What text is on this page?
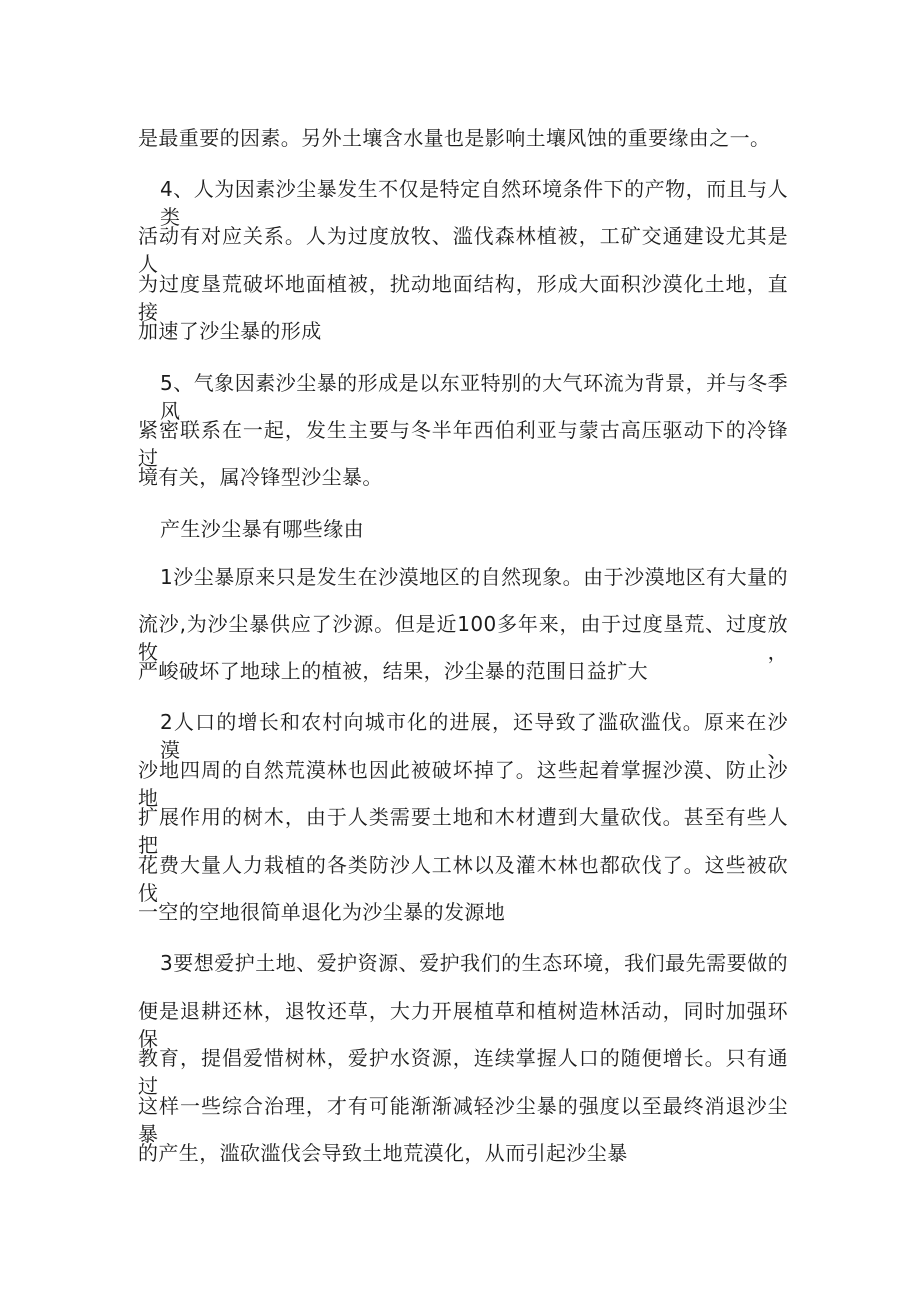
是最重要的因素。另外土壤含水量也是影响土壤风蚀的重要缘由之一。
4、人为因素沙尘暴发生不仅是特定自然环境条件下的产物，而且与人类
活动有对应关系。人为过度放牧、滥伐森林植被，工矿交通建设尤其是人
为过度垦荒破坏地面植被，扰动地面结构，形成大面积沙漠化土地，直接
加速了沙尘暴的形成
5、气象因素沙尘暴的形成是以东亚特别的大气环流为背景，并与冬季风
紧密联系在一起，发生主要与冬半年西伯利亚与蒙古高压驱动下的冷锋过
境有关，属冷锋型沙尘暴。
产生沙尘暴有哪些缘由
1沙尘暴原来只是发生在沙漠地区的自然现象。由于沙漠地区有大量的
流沙,为沙尘暴供应了沙源。但是近100多年来，由于过度垦荒、过度放牧，
严峻破坏了地球上的植被，结果，沙尘暴的范围日益扩大
2人口的增长和农村向城市化的进展，还导致了滥砍滥伐。原来在沙漠、
沙地四周的自然荒漠林也因此被破坏掉了。这些起着掌握沙漠、防止沙地
扩展作用的树木，由于人类需要土地和木材遭到大量砍伐。甚至有些人把
花费大量人力栽植的各类防沙人工林以及灌木林也都砍伐了。这些被砍伐
一空的空地很简单退化为沙尘暴的发源地
3要想爱护土地、爱护资源、爱护我们的生态环境，我们最先需要做的
便是退耕还林，退牧还草，大力开展植草和植树造林活动，同时加强环保
教育，提倡爱惜树林，爱护水资源，连续掌握人口的随便增长。只有通过
这样一些综合治理，才有可能渐渐减轻沙尘暴的强度以至最终消退沙尘暴
的产生，滥砍滥伐会导致土地荒漠化，从而引起沙尘暴
